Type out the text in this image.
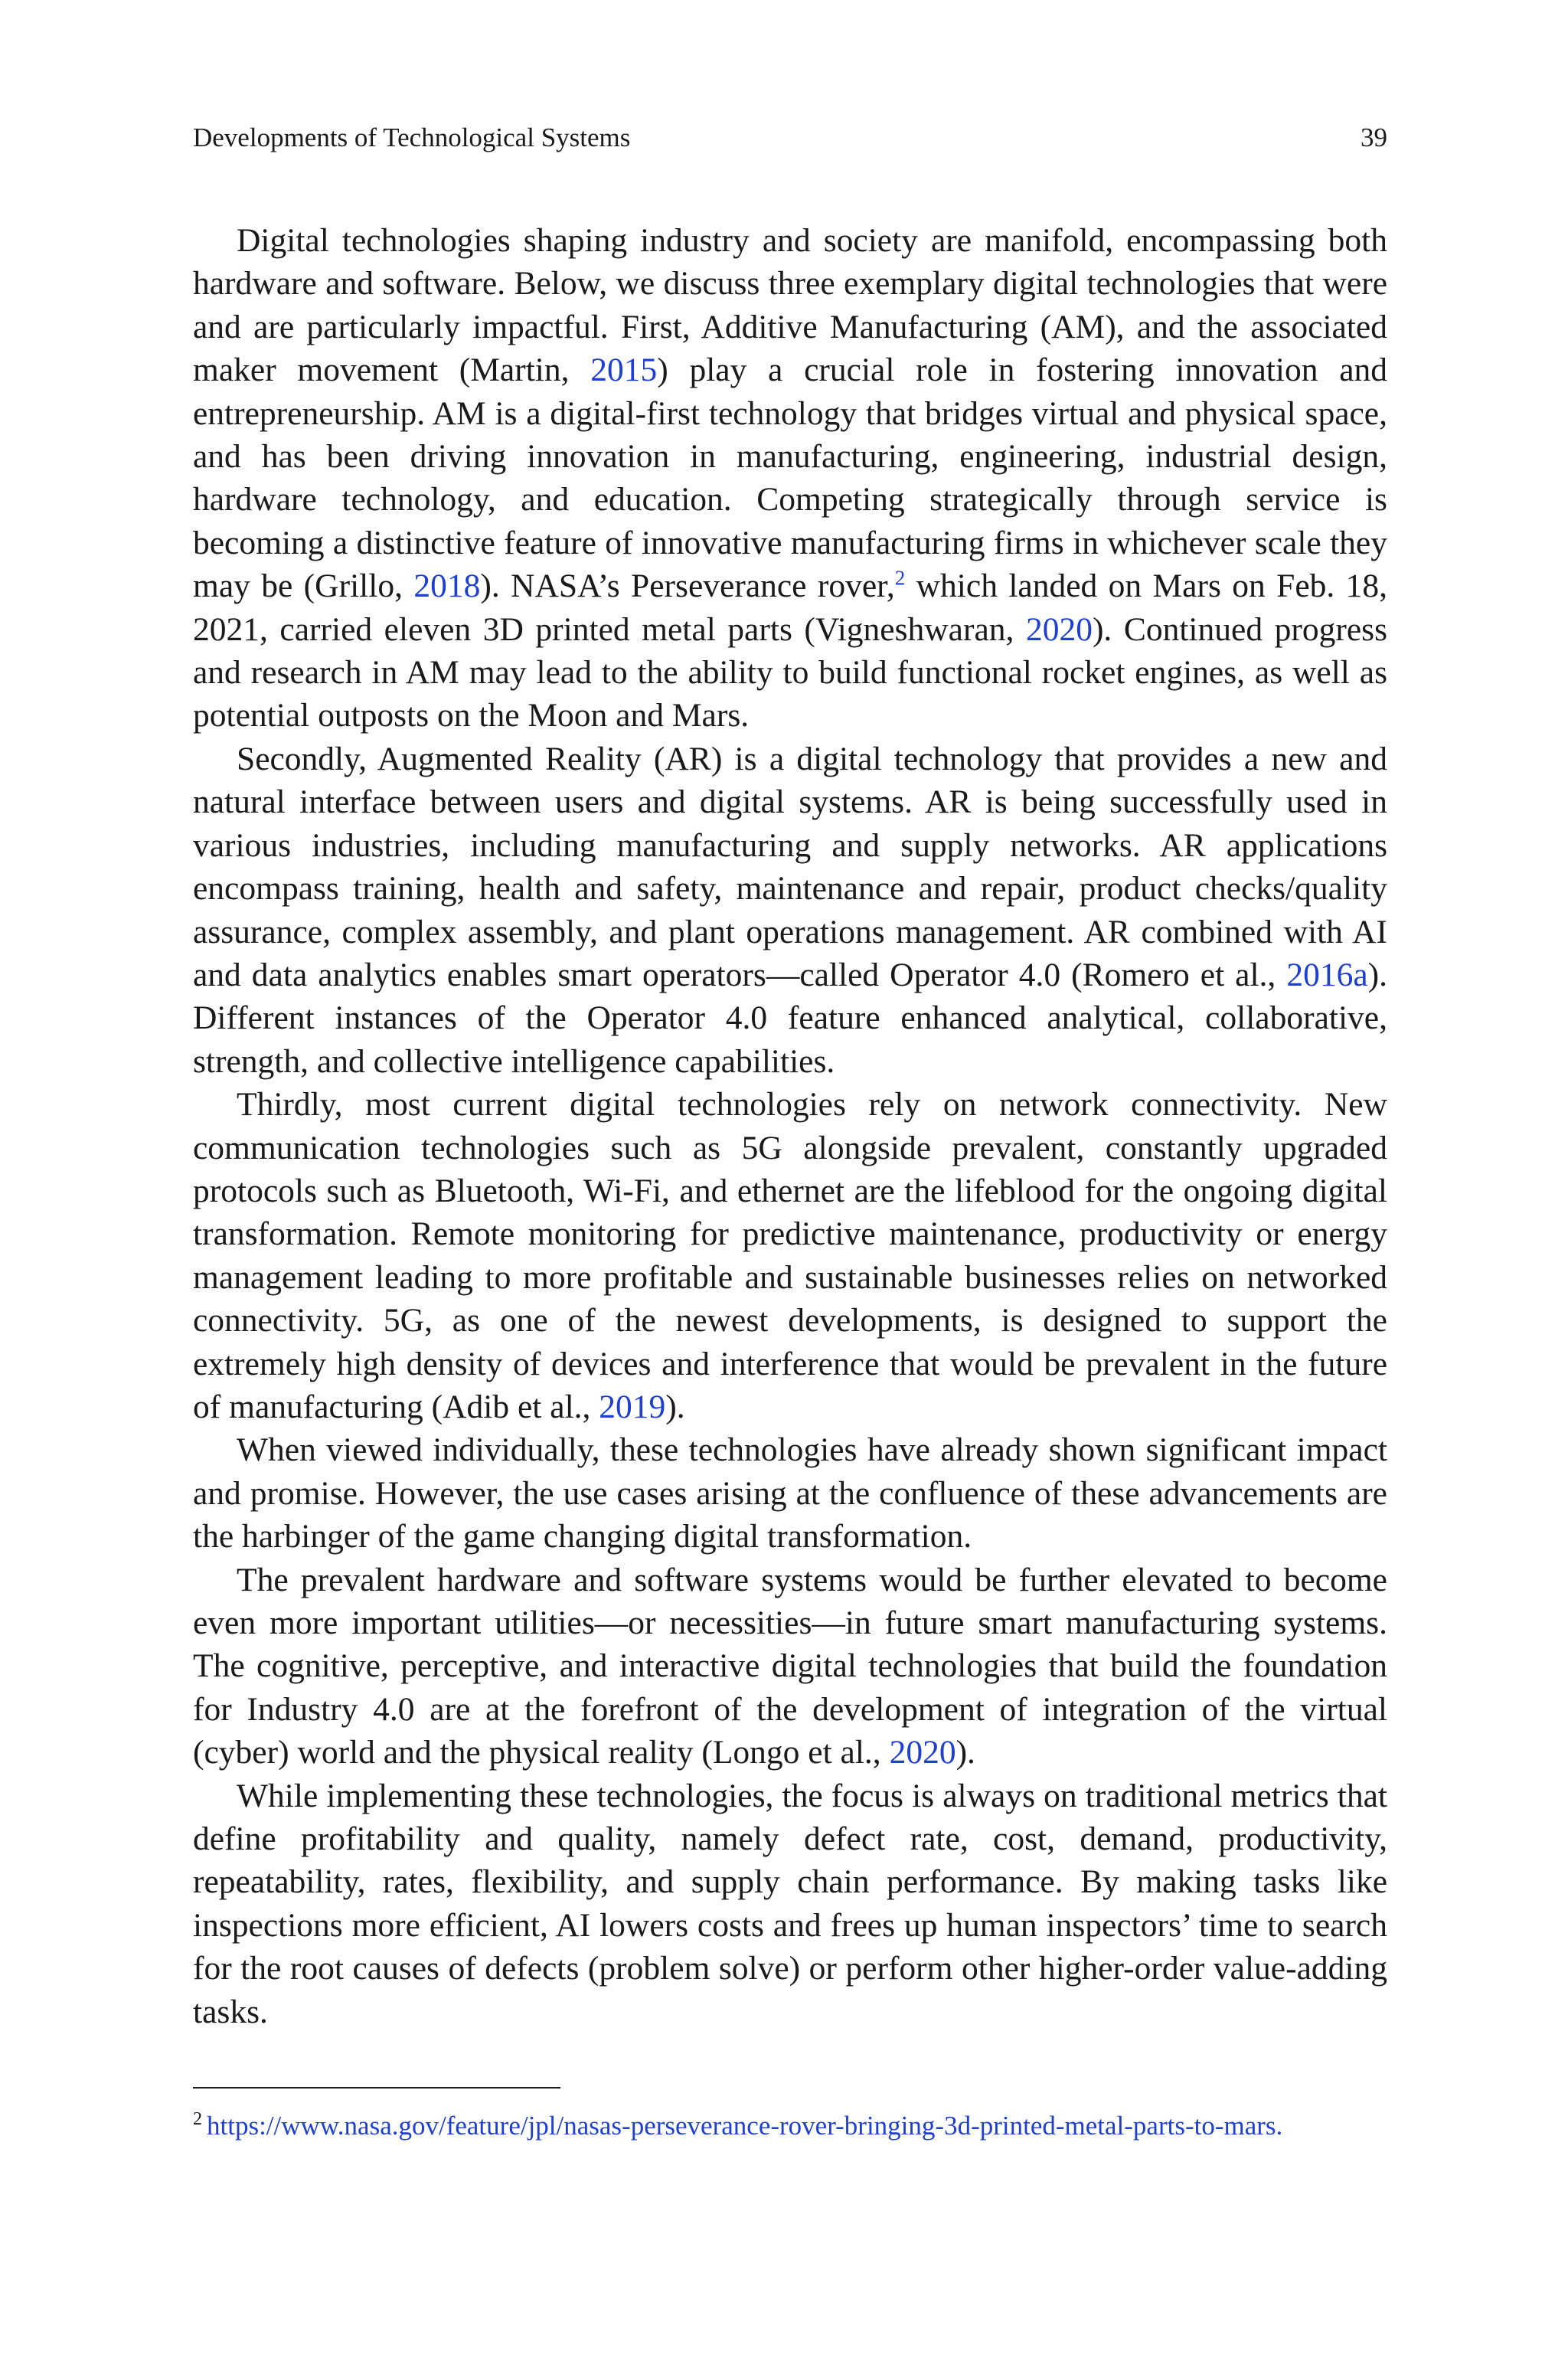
Developments of Technological Systems	39

Digital technologies shaping industry and society are manifold, encompassing both hardware and software. Below, we discuss three exemplary digital technologies that were and are particularly impactful. First, Additive Manufacturing (AM), and the associated maker movement (Martin, 2015) play a crucial role in fostering innovation and entrepreneurship. AM is a digital-first technology that bridges virtual and physical space, and has been driving innovation in manufacturing, engineering, industrial design, hardware technology, and education. Competing strategically through service is becoming a distinctive feature of innovative manufacturing firms in whichever scale they may be (Grillo, 2018). NASA’s Perseverance rover,$^2$ which landed on Mars on Feb. 18, 2021, carried eleven 3D printed metal parts (Vigneshwaran, 2020). Continued progress and research in AM may lead to the ability to build functional rocket engines, as well as potential outposts on the Moon and Mars.

Secondly, Augmented Reality (AR) is a digital technology that provides a new and natural interface between users and digital systems. AR is being successfully used in various industries, including manufacturing and supply networks. AR applications encompass training, health and safety, maintenance and repair, product checks/quality assurance, complex assembly, and plant operations management. AR combined with AI and data analytics enables smart operators—called Operator 4.0 (Romero et al., 2016a). Different instances of the Operator 4.0 feature enhanced analytical, collaborative, strength, and collective intelligence capabilities.

Thirdly, most current digital technologies rely on network connectivity. New communication technologies such as 5G alongside prevalent, constantly upgraded protocols such as Bluetooth, Wi-Fi, and ethernet are the lifeblood for the ongoing digital transformation. Remote monitoring for predictive maintenance, productivity or energy management leading to more profitable and sustainable businesses relies on networked connectivity. 5G, as one of the newest developments, is designed to support the extremely high density of devices and interference that would be prevalent in the future of manufacturing (Adib et al., 2019).

When viewed individually, these technologies have already shown significant impact and promise. However, the use cases arising at the confluence of these advancements are the harbinger of the game changing digital transformation.

The prevalent hardware and software systems would be further elevated to become even more important utilities—or necessities—in future smart manufacturing systems. The cognitive, perceptive, and interactive digital technologies that build the foundation for Industry 4.0 are at the forefront of the development of integration of the virtual (cyber) world and the physical reality (Longo et al., 2020).

While implementing these technologies, the focus is always on traditional metrics that define profitability and quality, namely defect rate, cost, demand, productivity, repeatability, rates, flexibility, and supply chain performance. By making tasks like inspections more efficient, AI lowers costs and frees up human inspectors’ time to search for the root causes of defects (problem solve) or perform other higher-order value-adding tasks.

$^2$ https://www.nasa.gov/feature/jpl/nasas-perseverance-rover-bringing-3d-printed-metal-parts-to-mars.
